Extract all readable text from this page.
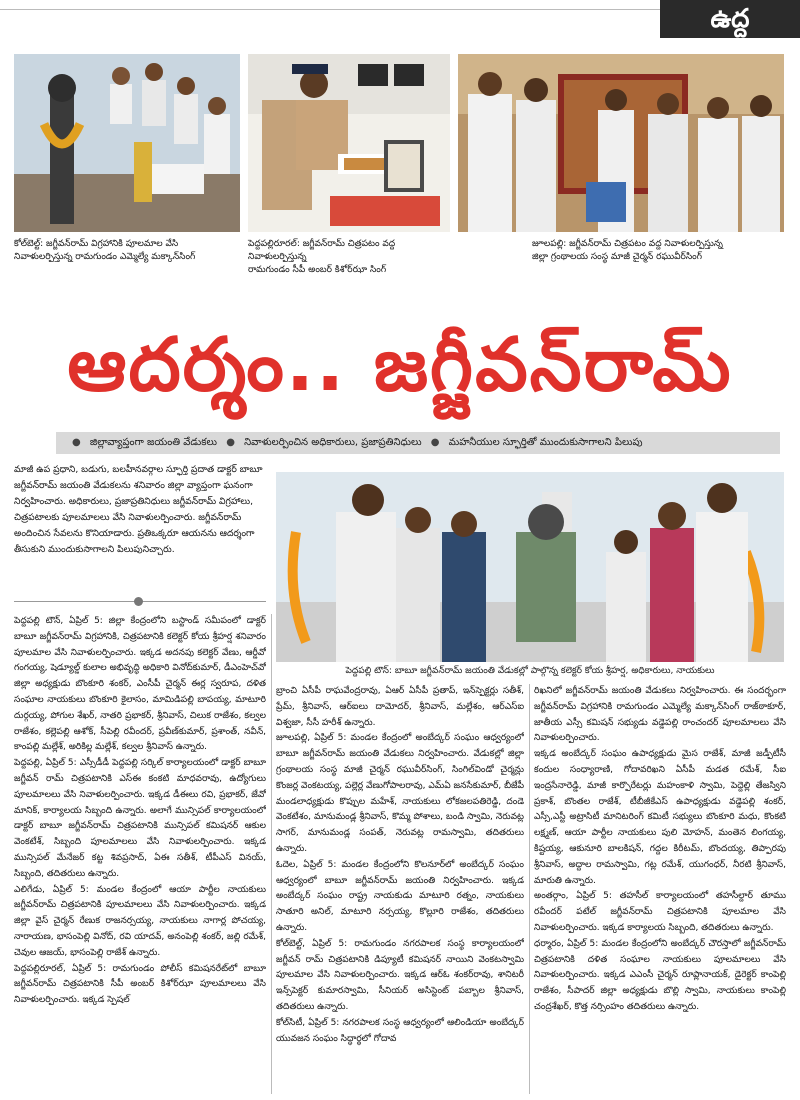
ఉద్ద
కోల్‌బెల్ట్‌: జగ్జీవన్‌రామ్‌ విగ్రహానికి పూలమాల వేసి
నివాళులర్పిస్తున్న రామగుండం ఎమ్మెల్యే మక్కాన్‌సింగ్‌
పెద్దపల్లిరూరల్‌: జగ్జీవన్‌రామ్‌ చిత్రపటం వద్ద నివాళులర్పిస్తున్న
రామగుండం సీపీ అంబర్‌ కిశోర్‌ఝా సింగ్‌
జూలపల్లి: జగ్జీవన్‌రామ్‌ చిత్రపటం వద్ద నివాళులర్పిస్తున్న
జిల్లా గ్రంథాలయ సంస్థ మాజీ చైర్మన్‌ రఘువీర్‌సింగ్‌
ఆదర్శం.. జగ్జీవన్‌రామ్‌
● జిల్లావ్యాప్తంగా జయంతి వేడుకలు ● నివాళులర్పించిన అధికారులు, ప్రజాప్రతినిధులు ● మహనీయుల స్ఫూర్తితో ముందుకుసాగాలని పిలుపు
మాజీ ఉప ప్రధాని, బడుగు, బలహీనవర్గాల స్ఫూర్తి ప్రదాత డాక్టర్‌ బాబూ జగ్జీవన్‌రామ్‌ జయంతి వేడుకలను శనివారం జిల్లా వ్యాప్తంగా ఘనంగా నిర్వహించారు. అధికారులు, ప్రజాప్రతినిధులు జగ్జీవన్‌రామ్‌ విగ్రహాలు, చిత్రపటాలకు పూలమాలలు వేసి నివాళులర్పించారు. జగ్జీవన్‌రామ్‌ అందించిన సేవలను కొనియాడారు. ప్రతిఒక్కరూ ఆయనను ఆదర్శంగా తీసుకుని ముందుకుసాగాలని పిలుపునిచ్చారు.
పెద్దపల్లి టౌన్‌: బాబూ జగ్జీవన్‌రామ్‌ జయంతి వేడుకల్లో పాల్గొన్న కలెక్టర్‌ కోయ శ్రీహర్ష, అధికారులు, నాయకులు

పెద్దపల్లి టౌన్‌, ఏప్రిల్‌ 5: జిల్లా కేంద్రంలోని బస్టాండ్‌ సమీపంలో డాక్టర్‌ బాబూ జగ్జీవన్‌రామ్‌ విగ్రహానికి, చిత్రపటానికి కలెక్టర్‌ కోయ శ్రీహర్ష శనివారం పూలమాల వేసి నివాళులర్పించారు. ఇక్కడ అదనపు కలెక్టర్‌ వేణు, ఆర్డీవో గంగయ్య, షెడ్యూల్డ్‌ కులాల అభివృద్ధి అధికారి వినోద్‌కుమార్‌, డీఎంహెచ్‌వో జిల్లా అధ్యక్షుడు బొంకూరి శంకర్‌, ఎంసీపీ చైర్మన్‌ ఈర్ల స్వరూప, దళిత సంఘాల నాయకులు బొంకూరి కైలాసం, మామిడిపల్లి బాపయ్య, మాటూరి దుర్గయ్య, పోగుల శేఖర్‌, నాతరి ప్రభాకర్‌, శ్రీనివాస్‌, చిలుక రాజేశం, కల్వల రాజేశం, కల్లెపల్లి ఆశోక్‌, సీపెల్లి రవీందర్‌, ప్రవీణ్‌కుమార్‌, ప్రశాంత్‌, నవీన్‌, కాంపల్లి మల్లేశ్‌, అరికిల్ల మల్లేశ్‌, కల్వల శ్రీనివాస్‌ ఉన్నారు.

పెద్దపల్లి, ఏప్రిల్‌ 5: ఎస్సీడీడీ పెద్దపల్లి సర్కిల్‌ కార్యాలయంలో డాక్టర్‌ బాబూ జగ్జీవన్‌ రామ్‌ చిత్రపటానికి ఎస్‌ఈ కంకటి మాధవరావు, ఉద్యోగులు పూలమాలలు వేసి నివాళులర్పించారు. ఇక్కడ డీఈలు రవి, ప్రభాకర్‌, జేవో మానిక్‌, కార్యాలయ సిబ్బంది ఉన్నారు. అలాగే మున్సిపల్‌ కార్యాలయంలో డాక్టర్‌ బాబూ జగ్జీవన్‌రామ్‌ చిత్రపటానికి మున్సిపల్‌ కమిషనర్‌ ఆకుల వెంకటేశ్‌, సిబ్బంది పూలమాలలు వేసి నివాళులర్పించారు. ఇక్కడ మున్సిపల్‌ మేనేజర్‌ కట్ట శివప్రసాద్‌, ఏఈ సతీశ్‌, టీపీఎస్‌ వినయ్‌, సిబ్బంది, తదితరులు ఉన్నారు.

ఎలిగేడు, ఏప్రిల్‌ 5: మండల కేంద్రంలో ఆయా పార్టీల నాయకులు జగ్జీవన్‌రామ్‌ చిత్రపటానికి పూలమాలలు వేసి నివాళులర్పించారు. ఇక్కడ జిల్లా వైస్‌ చైర్మన్‌ రేణుక రాజనర్సయ్య, నాయకులు నాగార్ల పోచయ్య, నారాయణ, భాసంపెల్లి వినోద్‌, రవి యాదవ్‌, అనంపెల్లి శంకర్‌, జల్లి రమేశ్‌, చెవుల ఆజయ్‌, భాసంపెల్లి రాజేశ్‌ ఉన్నారు.

పెద్దపల్లిరూరల్‌, ఏప్రిల్‌ 5: రామగుండం పోలీస్‌ కమిషనరేట్‌లో బాబూ జగ్జీవన్‌రామ్‌ చిత్రపటానికి సీపీ అంబర్‌ కిశోర్‌ఝా పూలమాలలు వేసి నివాళులర్పించారు. ఇక్కడ స్పెషల్‌

బ్రాంచి ఏసీపీ రాఘవేంద్రరావు, ఏఆర్‌ ఏసీపీ ప్రతాప్‌, ఇన్‌స్పెక్టర్లు సతీశ్‌, ప్రేమ్‌, శ్రీనివాస్‌, ఆర్‌ఐలు దామోదర్‌, శ్రీనివాస్‌, మల్లేశం, ఆర్‌ఎస్‌ఐ విశ్వజా, సీసీ హరీశ్‌ ఉన్నారు.

జూలపల్లి, ఏప్రిల్‌ 5: మండల కేంద్రంలో అంబేద్కర్‌ సంఘం ఆధ్వర్యంలో బాబూ జగ్జీవన్‌రామ్‌ జయంతి వేడుకలు నిర్వహించారు. వేడుకల్లో జిల్లా గ్రంథాలయ సంస్థ మాజీ చైర్మన్‌ రఘువీర్‌సింగ్‌, సింగిల్‌విండో చైర్మన్లు కొంజర్ల వెంకటయ్య, పల్లెర్ల వేణుగోపాలరావు, ఎమ్‌ఏ జనసేకుమార్‌, బీజేపీ మండలాధ్యక్షుడు కొప్పుల మహేశ్‌, నాయకులు లోకజలపతిరెడ్డి, దండె వెంకటేశం, మానుమండ్ల శ్రీనివాస్‌, కొమ్మ పోశాలు, బండి స్వామి, నెరువట్ల సాగర్‌, మానుమండ్ల సంపత్‌, నెరువట్ల రామస్వామి, తదితరులు ఉన్నారు.

ఓదెల, ఏప్రిల్‌ 5: మండల కేంద్రంలోని కొలనూర్‌లో అంబేద్కర్‌ సంఘం ఆధ్వర్యంలో బాబూ జగ్జీవన్‌రామ్‌ జయంతి నిర్వహించారు. ఇక్కడ అంబేద్కర్‌ సంఘం రాష్ట్ర నాయకుడు మాటూరి రత్నం, నాయకులు సాతూరి అనిల్‌, మాటూరి నర్సయ్య, కొల్లూరి రాజేశం, తదితరులు ఉన్నారు.

కోల్‌బెల్ట్‌, ఏప్రిల్‌ 5: రామగుండం నగరపాలక సంస్థ కార్యాలయంలో జగ్జీవన్‌ రామ్‌ చిత్రపటానికి డిప్యూటీ కమిషనర్‌ నాయిని వెంకటస్వామి పూలమాల వేసి నివాళులర్పించారు. ఇక్కడ ఆర్‌ఓ శంకర్‌రావు, శానిటరీ ఇన్స్‌పెక్టర్‌ కుమారస్వామి, సీనియర్‌ అసిస్టెంట్‌ పబ్బాల శ్రీనివాస్‌, తదితరులు ఉన్నారు.

కోల్‌సిటీ, ఏప్రిల్‌ 5: నగరపాలక సంస్థ ఆధ్వర్యంలో ఆలిండియా అంబేద్కర్‌ యువజన సంఘం సిద్ధార్థలో గోదావ

రిఖనిలో జగ్జీవన్‌రామ్‌ జయంతి వేడుకలు నిర్వహించారు. ఈ సందర్భంగా జగ్జీవన్‌రామ్‌ విగ్రహానికి రామగుండం ఎమ్మెల్యే మక్కాన్‌సింగ్‌ రాజ్‌ఠాకూర్‌, జాతీయ ఎస్సీ కమిషన్‌ సభ్యుడు వడ్డెపల్లి రాంచందర్‌ పూలమాలలు వేసి నివాళులర్పించారు.

ఇక్కడ అంబేద్కర్‌ సంఘం ఉపాధ్యక్షుడు మైస రాజేశ్‌, మాజీ జడ్పీటీసీ కందుల సంధ్యారాణి, గోదావరిఖని ఏసీపీ మడత రమేశ్‌, సీఐ ఇంద్రసేనారెడ్డి, మాజీ కార్పొరేటర్లు మహంకాళి స్వామి, పెద్దెల్లి తేజస్విని ప్రకాశ్‌, బొంతల రాజేశ్‌, టీబీజీకేఎస్‌ ఉపాధ్యక్షుడు వడ్డెపల్లి శంకర్‌, ఎస్సీ,ఎస్టీ అట్రాసిటీ మానిటరింగ్‌ కమిటీ సభ్యులు బొంకూరి మధు, కొంకటి లక్ష్మణ్‌, ఆయా పార్టీల నాయకులు పులి మోహన్‌, మంతెన లింగయ్య, కిష్టయ్య, ఆకునూరి బాలకిషన్‌, గద్దల కిరీటమ్‌, బొందయ్య, తిప్పారపు శ్రీనివాస్‌, అద్దాల రామస్వామి, గట్ల రమేశ్‌, యుగంధర్‌, నీరటి శ్రీనివాస్‌, మారుతి ఉన్నారు.

అంతర్గాం, ఏప్రిల్‌ 5: తహసీల్‌ కార్యాలయంలో తహసీల్దార్‌ తూము రవీందర్‌ పటేల్‌ జగ్జీవన్‌రామ్‌ చిత్రపటానికి పూలమాల వేసి నివాళులర్పించారు. ఇక్కడ కార్యాలయ సిబ్బంది, తదితరులు ఉన్నారు.

ధర్మారం, ఏప్రిల్‌ 5: మండల కేంద్రంలోని అంబేద్కర్‌ చౌరస్తాలో జగ్జీవన్‌రామ్‌ చిత్రపటానికి దళిత సంఘాల నాయకులు పూలమాలలు వేసి నివాళులర్పించారు. ఇక్కడ ఎఎంసీ చైర్మన్‌ రూప్లానాయక్‌, డైరెక్టర్‌ కాంపెల్లి రాజేశం, సీపాదర్‌ జిల్లా అధ్యక్షుడు బొల్లి స్వామి, నాయకులు కాంపెల్లి చంద్రశేఖర్‌, కొత్త నర్సింహం తదితరులు ఉన్నారు.
